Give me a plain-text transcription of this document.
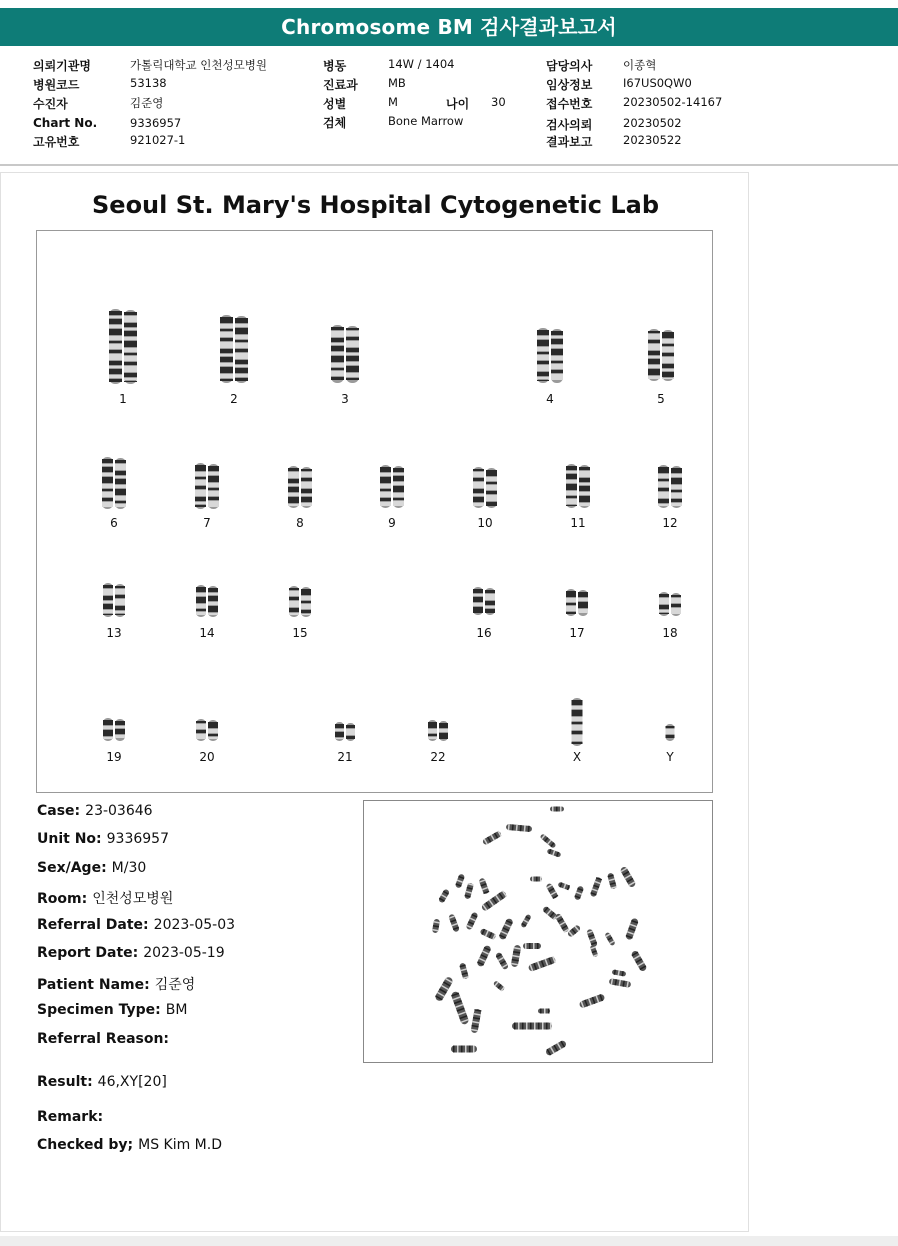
Chromosome BM 검사결과보고서
의뢰기관명	가톨릭대학교 인천성모병원
병원코드	53138
수진자	김준영
Chart No.	9336957
고유번호	921027-1
병동	14W / 1404
진료과	MB
성별	M	나이 30
검체	Bone Marrow
담당의사	이종혁
임상정보	I67US0QW0
접수번호	20230502-14167
검사의뢰	20230502
결과보고	20230522
Seoul St. Mary's Hospital Cytogenetic Lab
1	2	3	4	5
6	7	8	9	10	11	12
13	14	15	16	17	18
19	20	21	22	X	Y
Case: 23-03646
Unit No: 9336957
Sex/Age: M/30
Room: 인천성모병원
Referral Date: 2023-05-03
Report Date: 2023-05-19
Patient Name: 김준영
Specimen Type: BM
Referral Reason:
Result: 46,XY[20]
Remark:
Checked by; MS Kim M.D
